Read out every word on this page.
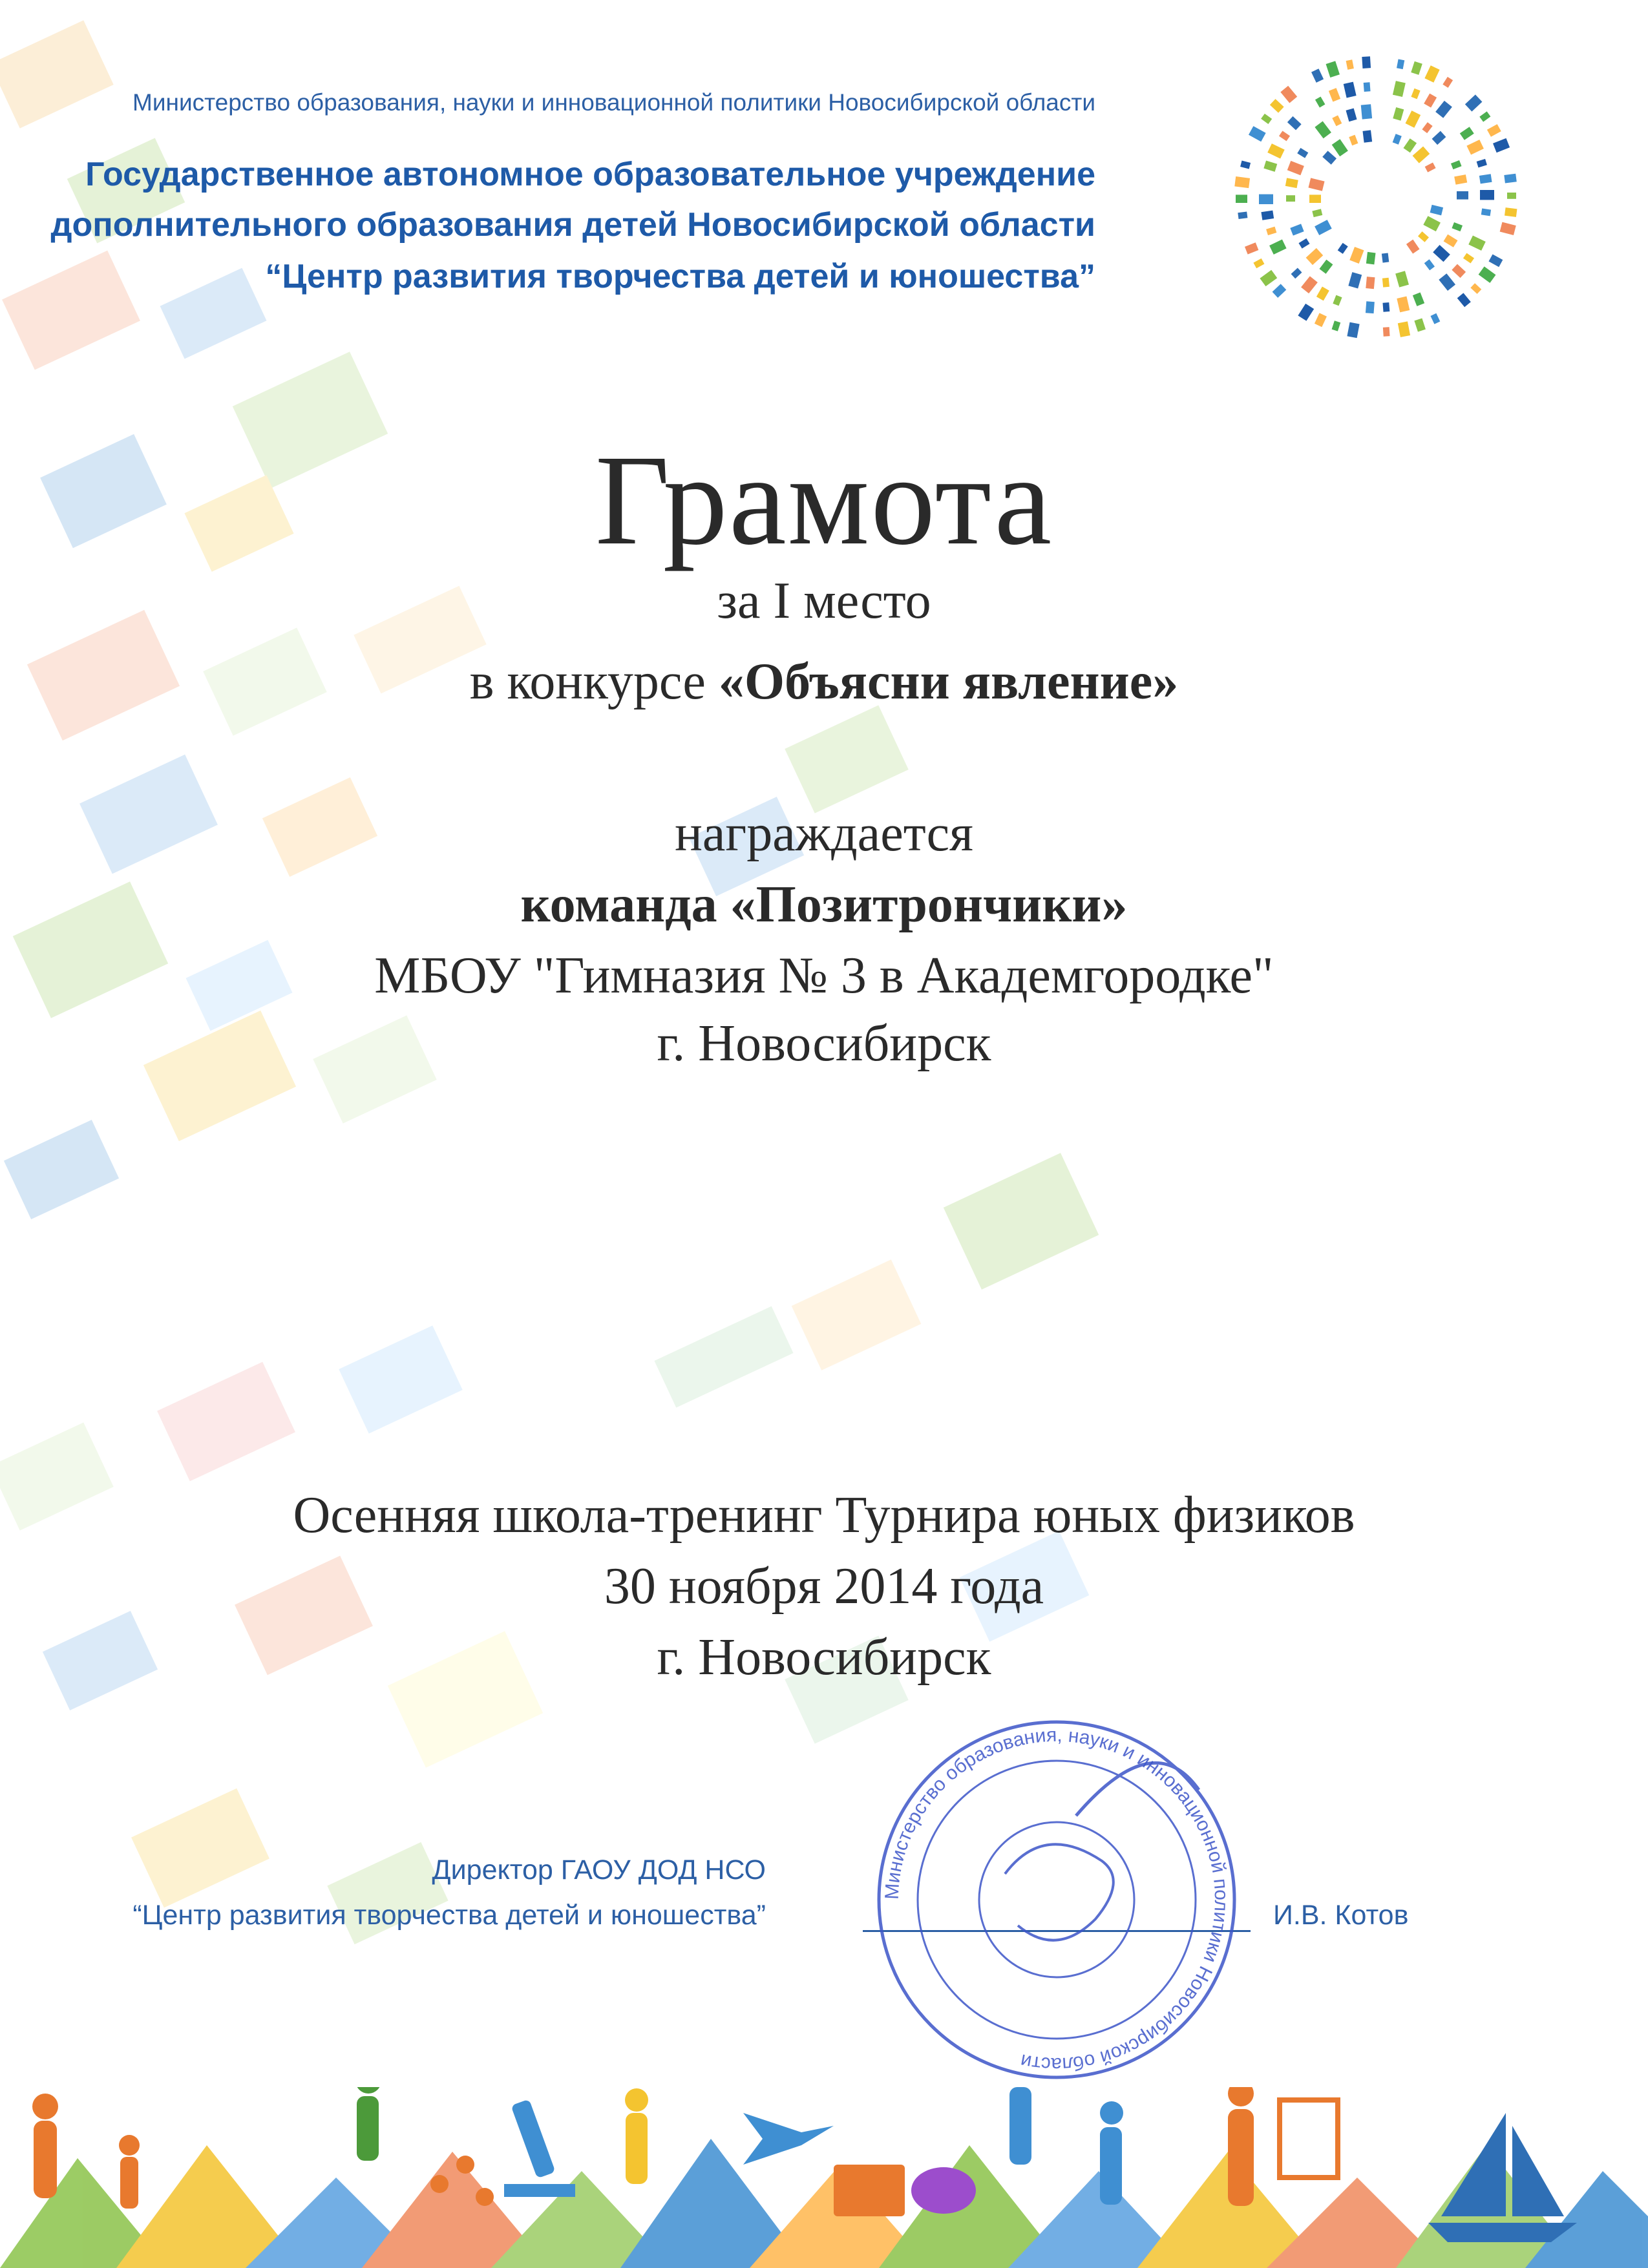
Министерство образования, науки и инновационной политики Новосибирской области
Государственное автономное образовательное учреждение
дополнительного образования детей Новосибирской области
“Центр развития творчества детей и юношества”
Грамота
за I место
в конкурсе «Объясни явление»
награждается
команда «Позитрончики»
МБОУ "Гимназия № 3 в Академгородке"
г. Новосибирск
Осенняя школа-тренинг Турнира юных физиков
30 ноября 2014 года
г. Новосибирск
Директор ГАОУ ДОД НСО
“Центр развития творчества детей и юношества”	И.В. Котов
Министерство образования, науки и инновационной политики Новосибирской области
